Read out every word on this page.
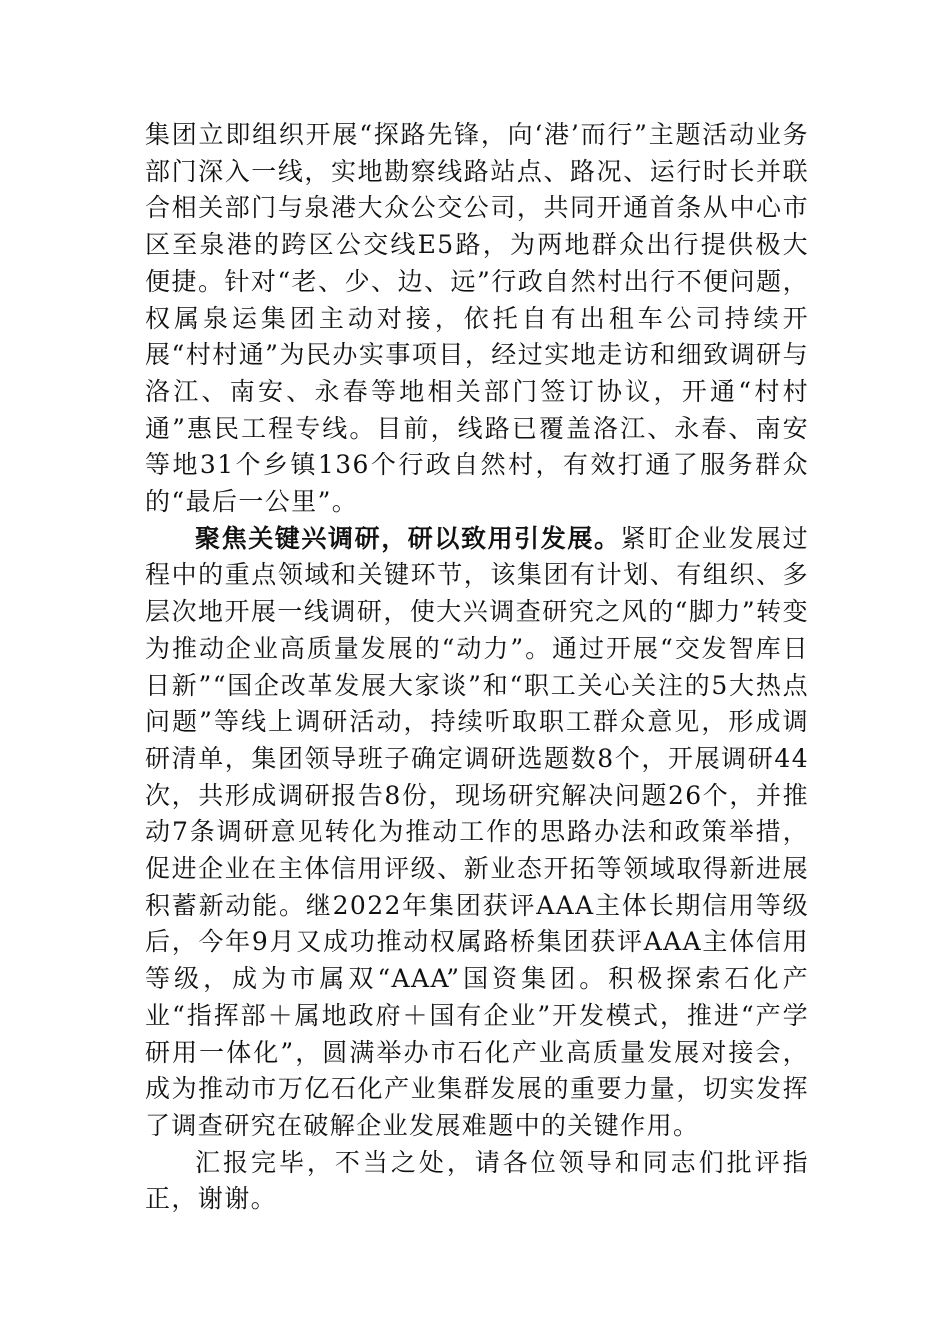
集团立即组织开展“探路先锋，向‘港’而行”主题活动业务部门深入一线，实地勘察线路站点、路况、运行时长并联合相关部门与泉港大众公交公司，共同开通首条从中心市区至泉港的跨区公交线E5路，为两地群众出行提供极大便捷。针对“老、少、边、远”行政自然村出行不便问题，权属泉运集团主动对接，依托自有出租车公司持续开展“村村通”为民办实事项目，经过实地走访和细致调研与洛江、南安、永春等地相关部门签订协议，开通“村村通”惠民工程专线。目前，线路已覆盖洛江、永春、南安等地31个乡镇136个行政自然村，有效打通了服务群众的“最后一公里”。

聚焦关键兴调研，研以致用引发展。紧盯企业发展过程中的重点领域和关键环节，该集团有计划、有组织、多层次地开展一线调研，使大兴调查研究之风的“脚力”转变为推动企业高质量发展的“动力”。通过开展“交发智库日日新”“国企改革发展大家谈”和“职工关心关注的5大热点问题”等线上调研活动，持续听取职工群众意见，形成调研清单，集团领导班子确定调研选题数8个，开展调研44次，共形成调研报告8份，现场研究解决问题26个，并推动7条调研意见转化为推动工作的思路办法和政策举措，促进企业在主体信用评级、新业态开拓等领域取得新进展积蓄新动能。继2022年集团获评AAA主体长期信用等级后，今年9月又成功推动权属路桥集团获评AAA主体信用等级，成为市属双“AAA”国资集团。积极探索石化产业“指挥部＋属地政府＋国有企业”开发模式，推进“产学研用一体化”，圆满举办市石化产业高质量发展对接会，成为推动市万亿石化产业集群发展的重要力量，切实发挥了调查研究在破解企业发展难题中的关键作用。

汇报完毕，不当之处，请各位领导和同志们批评指正，谢谢。
